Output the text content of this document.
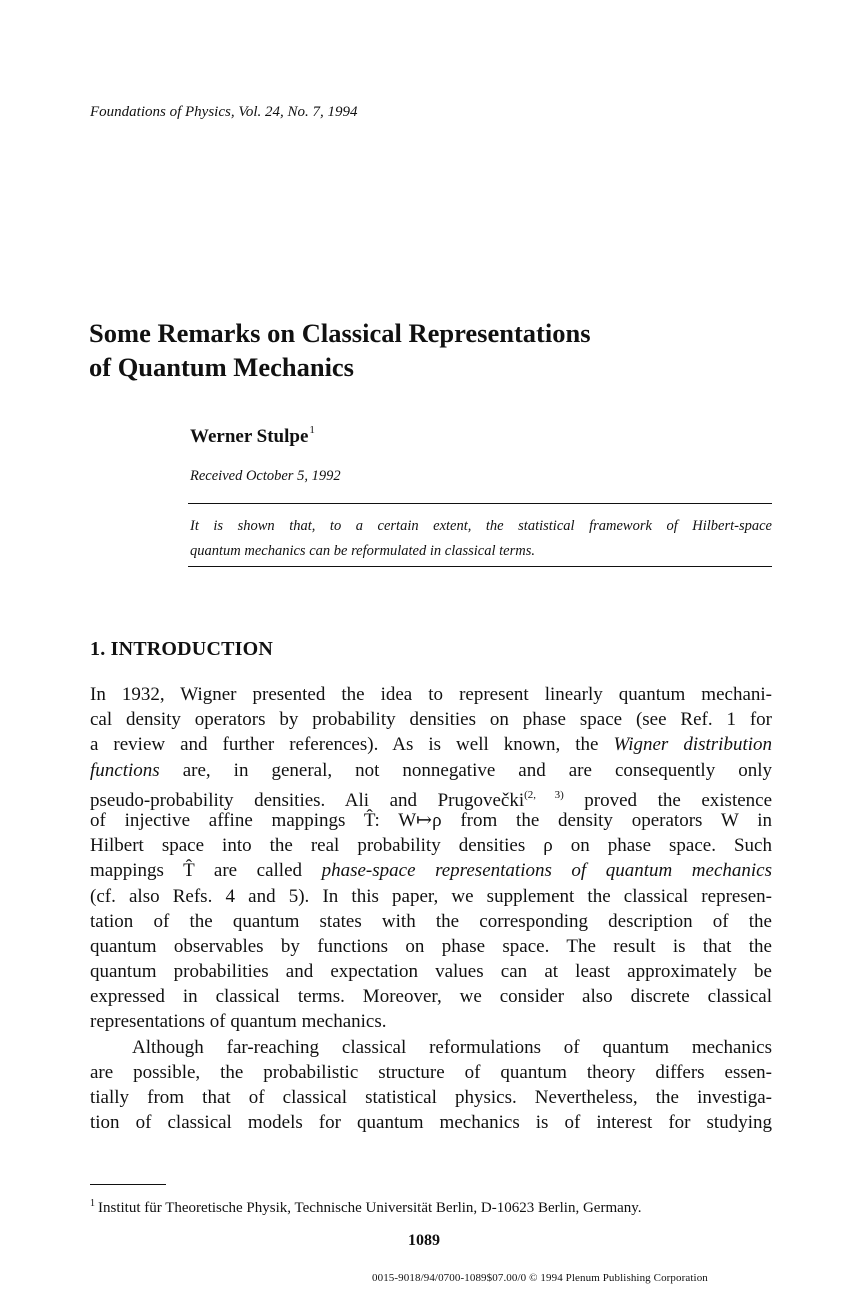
Foundations of Physics, Vol. 24, No. 7, 1994
Some Remarks on Classical Representations
of Quantum Mechanics
Werner Stulpe$^1$
Received October 5, 1992
It is shown that, to a certain extent, the statistical framework of Hilbert-space
quantum mechanics can be reformulated in classical terms.
1. INTRODUCTION
In 1932, Wigner presented the idea to represent linearly quantum mechani-
cal density operators by probability densities on phase space (see Ref. 1 for
a review and further references). As is well known, the Wigner distribution
functions are, in general, not nonnegative and are consequently only
pseudo-probability densities. Ali and Prugovečki$^{(2, 3)}$ proved the existence
of injective affine mappings T̂: W↦ρ from the density operators W in
Hilbert space into the real probability densities ρ on phase space. Such
mappings T̂ are called phase-space representations of quantum mechanics
(cf. also Refs. 4 and 5). In this paper, we supplement the classical represen-
tation of the quantum states with the corresponding description of the
quantum observables by functions on phase space. The result is that the
quantum probabilities and expectation values can at least approximately be
expressed in classical terms. Moreover, we consider also discrete classical
representations of quantum mechanics.
Although far-reaching classical reformulations of quantum mechanics
are possible, the probabilistic structure of quantum theory differs essen-
tially from that of classical statistical physics. Nevertheless, the investiga-
tion of classical models for quantum mechanics is of interest for studying
$^1$ Institut für Theoretische Physik, Technische Universität Berlin, D-10623 Berlin, Germany.
1089
0015-9018/94/0700-1089$07.00/0 © 1994 Plenum Publishing Corporation
